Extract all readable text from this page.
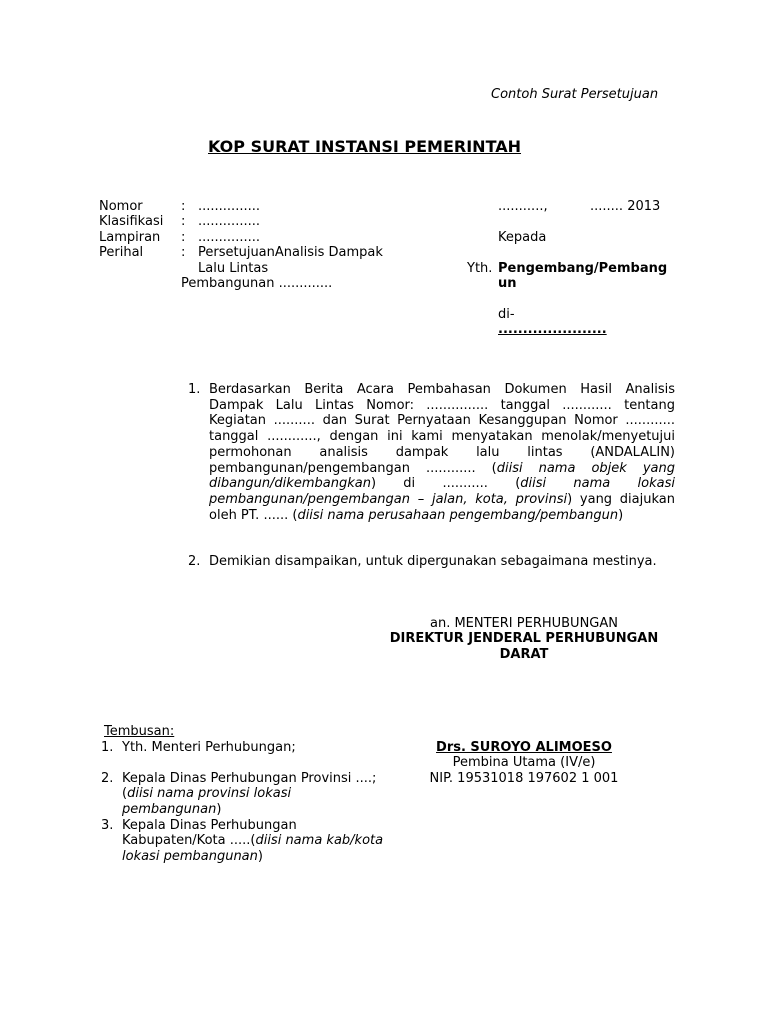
Contoh Surat Persetujuan
KOP SURAT INSTANSI PEMERINTAH
Nomor
Klasifikasi
Lampiran
Perihal
:
:
:
:
...............
...............
...............
PersetujuanAnalisis Dampak
Lalu Lintas
Pembangunan .............
...........,	........ 2013
Kepada
Yth. Pengembang/Pembang
un
di-
......................
1. Berdasarkan Berita Acara Pembahasan Dokumen Hasil Analisis Dampak Lalu Lintas Nomor: ............... tanggal ............ tentang Kegiatan .......... dan Surat Pernyataan Kesanggupan Nomor ............ tanggal ............, dengan ini kami menyatakan menolak/menyetujui permohonan analisis dampak lalu lintas (ANDALALIN) pembangunan/pengembangan ............ (diisi nama objek yang dibangun/dikembangkan) di ........... (diisi nama lokasi pembangunan/pengembangan – jalan, kota, provinsi) yang diajukan oleh PT. ...... (diisi nama perusahaan pengembang/pembangun)
2. Demikian disampaikan, untuk dipergunakan sebagaimana mestinya.
an. MENTERI PERHUBUNGAN
DIREKTUR JENDERAL PERHUBUNGAN
DARAT
Tembusan:
1. Yth. Menteri Perhubungan;
2. Kepala Dinas Perhubungan Provinsi ....;
(diisi nama provinsi lokasi
pembangunan)
3. Kepala Dinas Perhubungan
Kabupaten/Kota .....(diisi nama kab/kota
lokasi pembangunan)
Drs. SUROYO ALIMOESO
Pembina Utama (IV/e)
NIP. 19531018 197602 1 001
